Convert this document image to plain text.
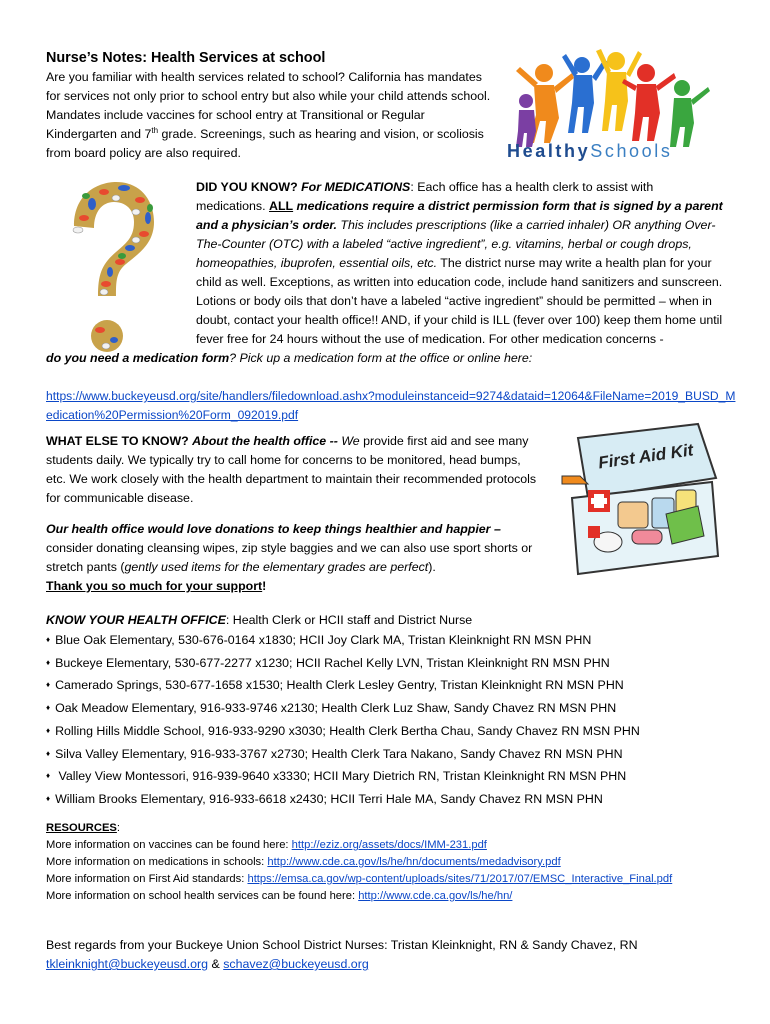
Nurse’s Notes: Health Services at school
Are you familiar with health services related to school? California has mandates for services not only prior to school entry but also while your child attends school. Mandates include vaccines for school entry at Transitional or Regular Kindergarten and 7th grade. Screenings, such as hearing and vision, or scoliosis from board policy are also required.	HealthySchools
DID YOU KNOW? For MEDICATIONS: Each office has a health clerk to assist with medications. ALL medications require a district permission form that is signed by a parent and a physician’s order. This includes prescriptions (like a carried inhaler) OR anything Over-The-Counter (OTC) with a labeled “active ingredient”, e.g. vitamins, herbal or cough drops, homeopathies, ibuprofen, essential oils, etc. The district nurse may write a health plan for your child as well. Exceptions, as written into education code, include hand sanitizers and sunscreen. Lotions or body oils that don’t have a labeled “active ingredient” should be permitted – when in doubt, contact your health office!! AND, if your child is ILL (fever over 100) keep them home until fever free for 24 hours without the use of medication. For other medication concerns -
do you need a medication form? Pick up a medication form at the office or online here:
https://www.buckeyeusd.org/site/handlers/filedownload.ashx?moduleinstanceid=9274&dataid=12064&FileName=2019_BUSD_Medication%20Permission%20Form_092019.pdf
WHAT ELSE TO KNOW? About the health office -- We provide first aid and see many students daily. We typically try to call home for concerns to be monitored, head bumps, etc. We work closely with the health department to maintain their recommended protocols for communicable disease.
First Aid Kit
Our health office would love donations to keep things healthier and happier – consider donating cleansing wipes, zip style baggies and we can also use sport shorts or stretch pants (gently used items for the elementary grades are perfect).
Thank you so much for your support!
KNOW YOUR HEALTH OFFICE: Health Clerk or HCII staff and District Nurse
♦ Blue Oak Elementary, 530-676-0164 x1830; HCII Joy Clark MA, Tristan Kleinknight RN MSN PHN
♦ Buckeye Elementary, 530-677-2277 x1230; HCII Rachel Kelly LVN, Tristan Kleinknight RN MSN PHN
♦ Camerado Springs, 530-677-1658 x1530; Health Clerk Lesley Gentry, Tristan Kleinknight RN MSN PHN
♦ Oak Meadow Elementary, 916-933-9746 x2130; Health Clerk Luz Shaw, Sandy Chavez RN MSN PHN
♦ Rolling Hills Middle School, 916-933-9290 x3030; Health Clerk Bertha Chau, Sandy Chavez RN MSN PHN
♦ Silva Valley Elementary, 916-933-3767 x2730; Health Clerk Tara Nakano, Sandy Chavez RN MSN PHN
♦ Valley View Montessori, 916-939-9640 x3330; HCII Mary Dietrich RN, Tristan Kleinknight RN MSN PHN
♦ William Brooks Elementary, 916-933-6618 x2430; HCII Terri Hale MA, Sandy Chavez RN MSN PHN
RESOURCES:
More information on vaccines can be found here: http://eziz.org/assets/docs/IMM-231.pdf
More information on medications in schools: http://www.cde.ca.gov/ls/he/hn/documents/medadvisory.pdf
More information on First Aid standards: https://emsa.ca.gov/wp-content/uploads/sites/71/2017/07/EMSC_Interactive_Final.pdf
More information on school health services can be found here: http://www.cde.ca.gov/ls/he/hn/
Best regards from your Buckeye Union School District Nurses: Tristan Kleinknight, RN & Sandy Chavez, RN
tkleinknight@buckeyeusd.org & schavez@buckeyeusd.org
